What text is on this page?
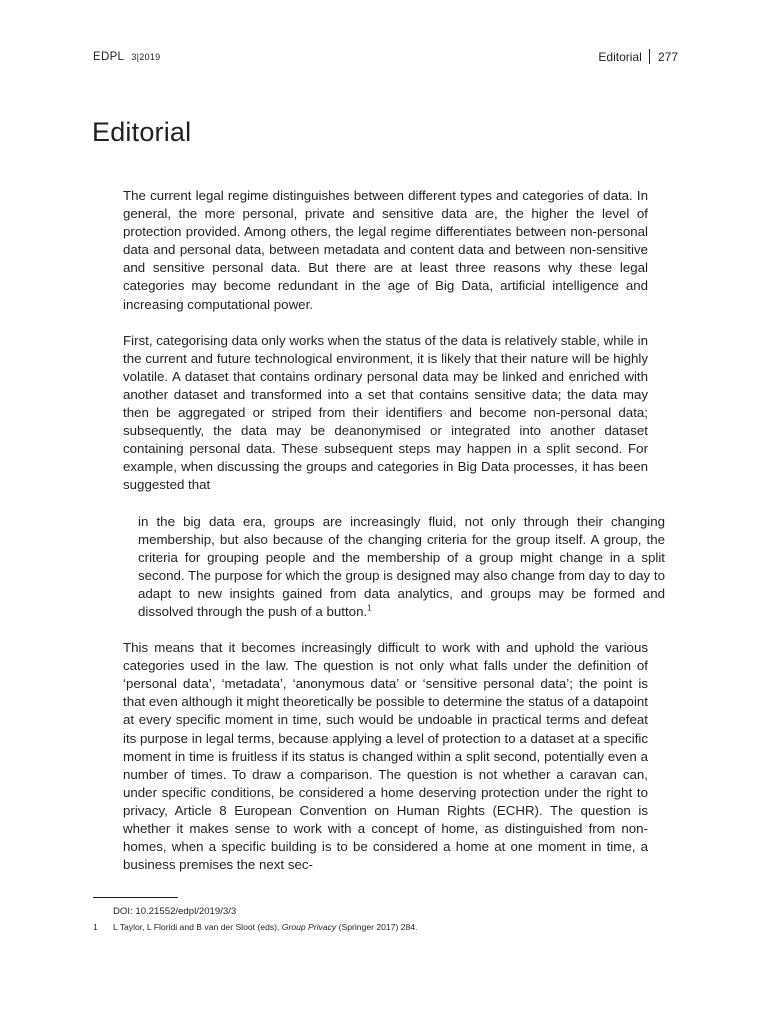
EDPL 3|2019	Editorial 277
Editorial

The current legal regime distinguishes between different types and categories of data. In general, the more personal, private and sensitive data are, the higher the level of protection provided. Among others, the legal regime differentiates between non-personal data and personal data, between metadata and content data and between non-sensitive and sensitive personal data. But there are at least three reasons why these legal categories may become redundant in the age of Big Data, artificial intelligence and increasing computational power.

First, categorising data only works when the status of the data is relatively stable, while in the current and future technological environment, it is likely that their nature will be highly volatile. A dataset that contains ordinary personal data may be linked and enriched with another dataset and transformed into a set that contains sensitive data; the data may then be aggregated or striped from their identifiers and become non-personal data; subsequently, the data may be deanonymised or integrated into another dataset containing personal data. These subsequent steps may happen in a split second. For example, when discussing the groups and categories in Big Data processes, it has been suggested that

in the big data era, groups are increasingly fluid, not only through their changing membership, but also because of the changing criteria for the group itself. A group, the criteria for grouping people and the membership of a group might change in a split second. The purpose for which the group is designed may also change from day to day to adapt to new insights gained from data analytics, and groups may be formed and dissolved through the push of a button.$^1$

This means that it becomes increasingly difficult to work with and uphold the various categories used in the law. The question is not only what falls under the definition of ‘personal data’, ‘metadata’, ‘anonymous data’ or ‘sensitive personal data’; the point is that even although it might theoretically be possible to determine the status of a datapoint at every specific moment in time, such would be undoable in practical terms and defeat its purpose in legal terms, because applying a level of protection to a dataset at a specific moment in time is fruitless if its status is changed within a split second, potentially even a number of times. To draw a comparison. The question is not whether a caravan can, under specific conditions, be considered a home deserving protection under the right to privacy, Article 8 European Convention on Human Rights (ECHR). The question is whether it makes sense to work with a concept of home, as distinguished from non-homes, when a specific building is to be considered a home at one moment in time, a business premises the next sec-

DOI: 10.21552/edpl/2019/3/3
1 L Taylor, L Floridi and B van der Sloot (eds), Group Privacy (Springer 2017) 284.
